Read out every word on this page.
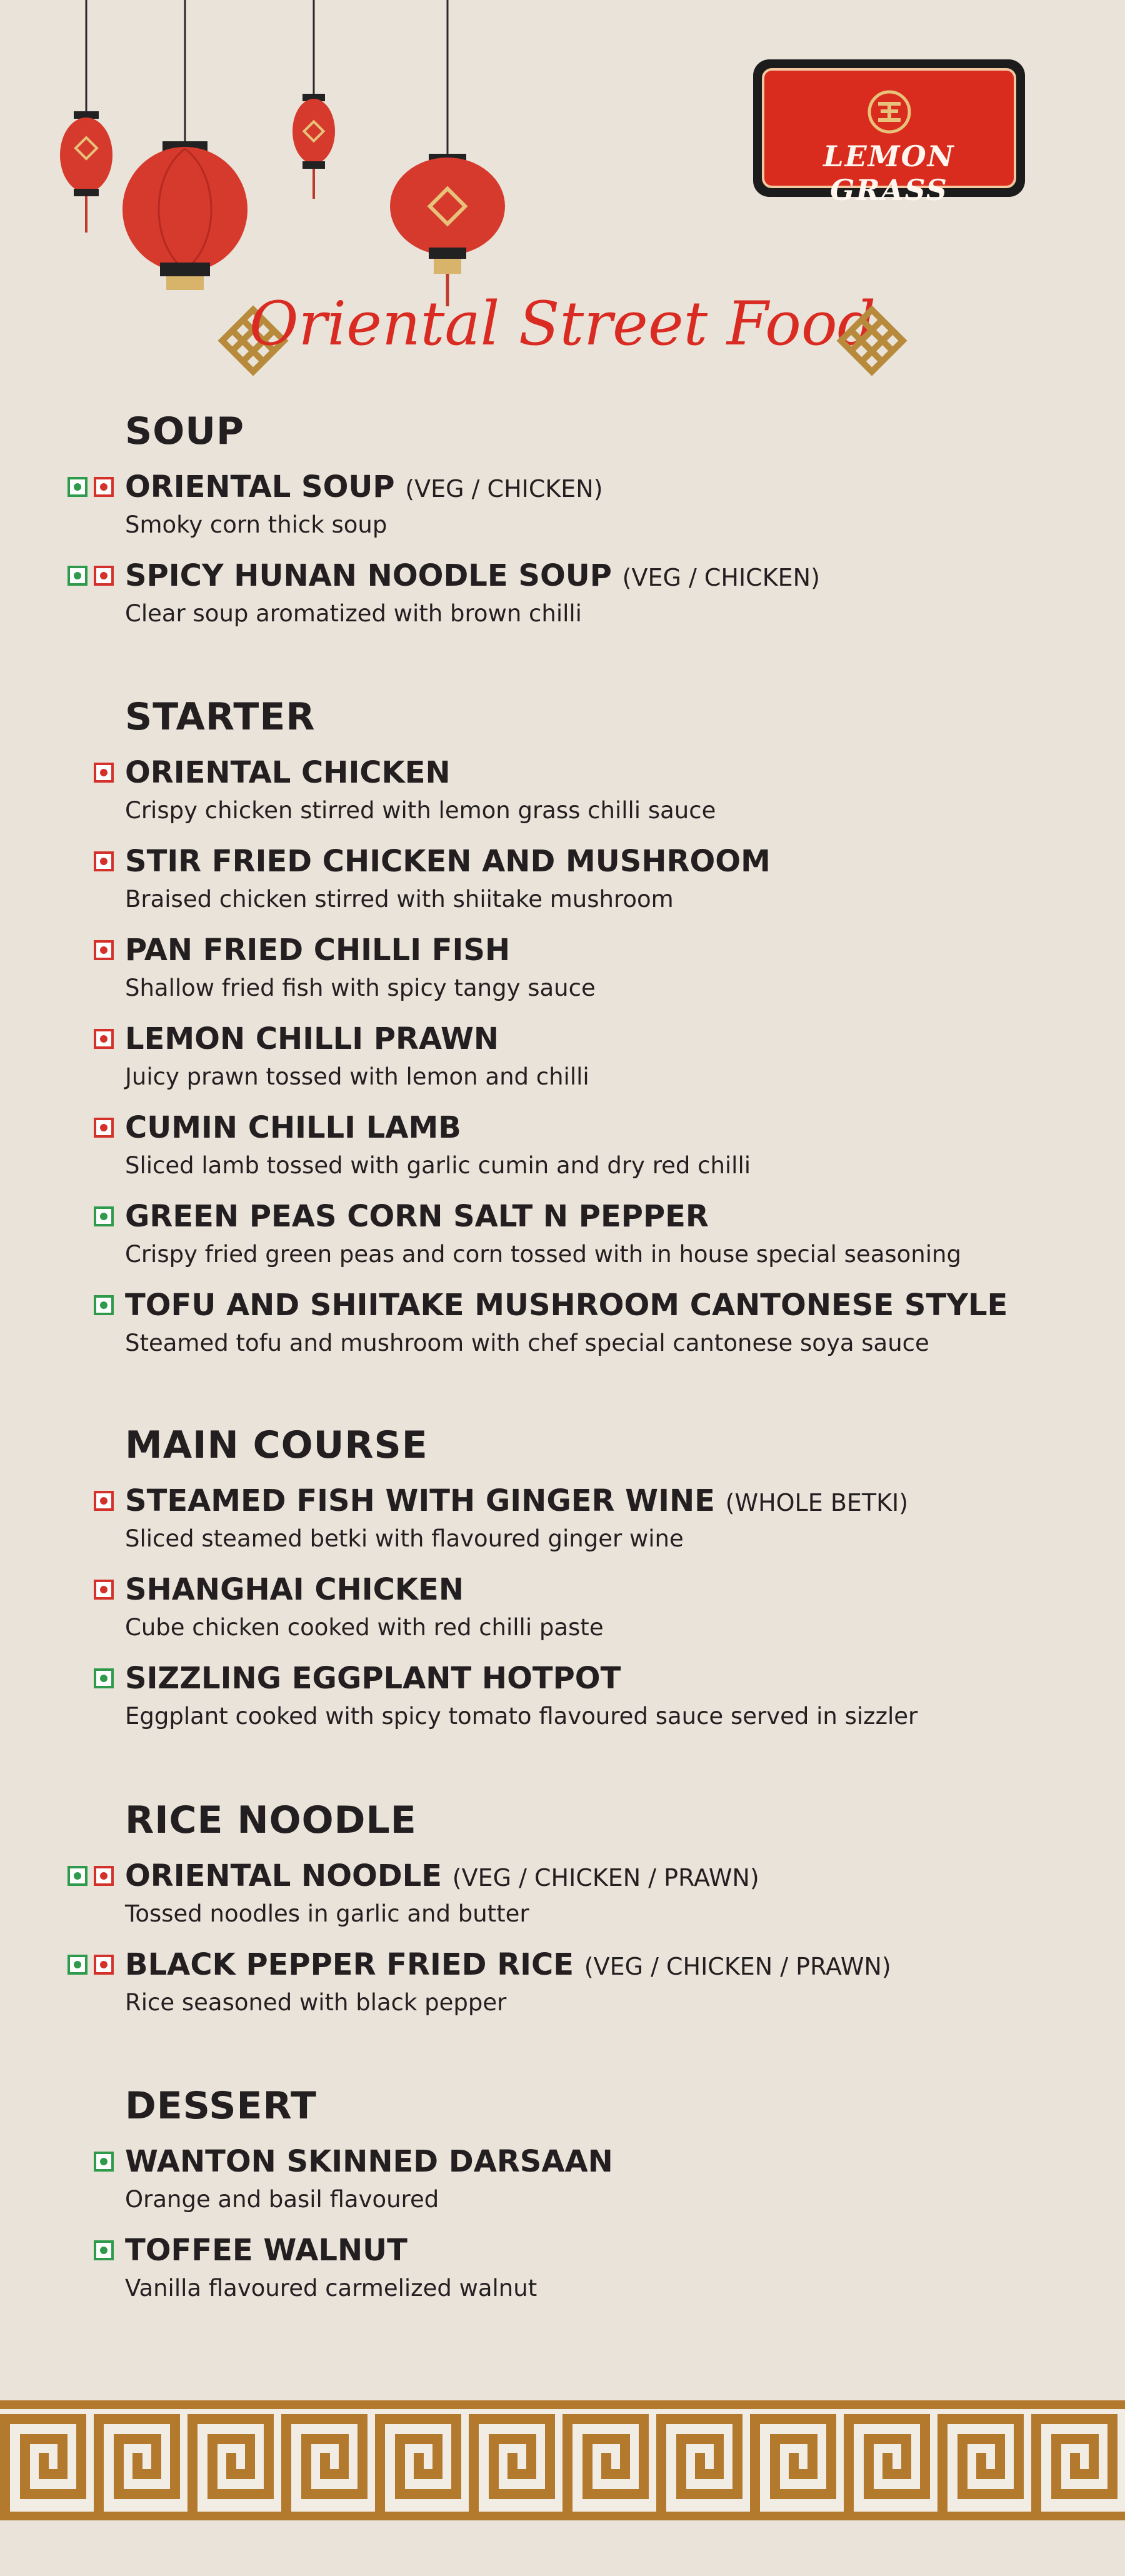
LEMON GRASS
Oriental Street Food
SOUP
ORIENTAL SOUP (VEG / CHICKEN)
Smoky corn thick soup
SPICY HUNAN NOODLE SOUP (VEG / CHICKEN)
Clear soup aromatized with brown chilli
STARTER
ORIENTAL CHICKEN
Crispy chicken stirred with lemon grass chilli sauce
STIR FRIED CHICKEN AND MUSHROOM
Braised chicken stirred with shiitake mushroom
PAN FRIED CHILLI FISH
Shallow fried fish with spicy tangy sauce
LEMON CHILLI PRAWN
Juicy prawn tossed with lemon and chilli
CUMIN CHILLI LAMB
Sliced lamb tossed with garlic cumin and dry red chilli
GREEN PEAS CORN SALT N PEPPER
Crispy fried green peas and corn tossed with in house special seasoning
TOFU AND SHIITAKE MUSHROOM CANTONESE STYLE
Steamed tofu and mushroom with chef special cantonese soya sauce
MAIN COURSE
STEAMED FISH WITH GINGER WINE (WHOLE BETKI)
Sliced steamed betki with flavoured ginger wine
SHANGHAI CHICKEN
Cube chicken cooked with red chilli paste
SIZZLING EGGPLANT HOTPOT
Eggplant cooked with spicy tomato flavoured sauce served in sizzler
RICE NOODLE
ORIENTAL NOODLE (VEG / CHICKEN / PRAWN)
Tossed noodles in garlic and butter
BLACK PEPPER FRIED RICE (VEG / CHICKEN / PRAWN)
Rice seasoned with black pepper
DESSERT
WANTON SKINNED DARSAAN
Orange and basil flavoured
TOFFEE WALNUT
Vanilla flavoured carmelized walnut
